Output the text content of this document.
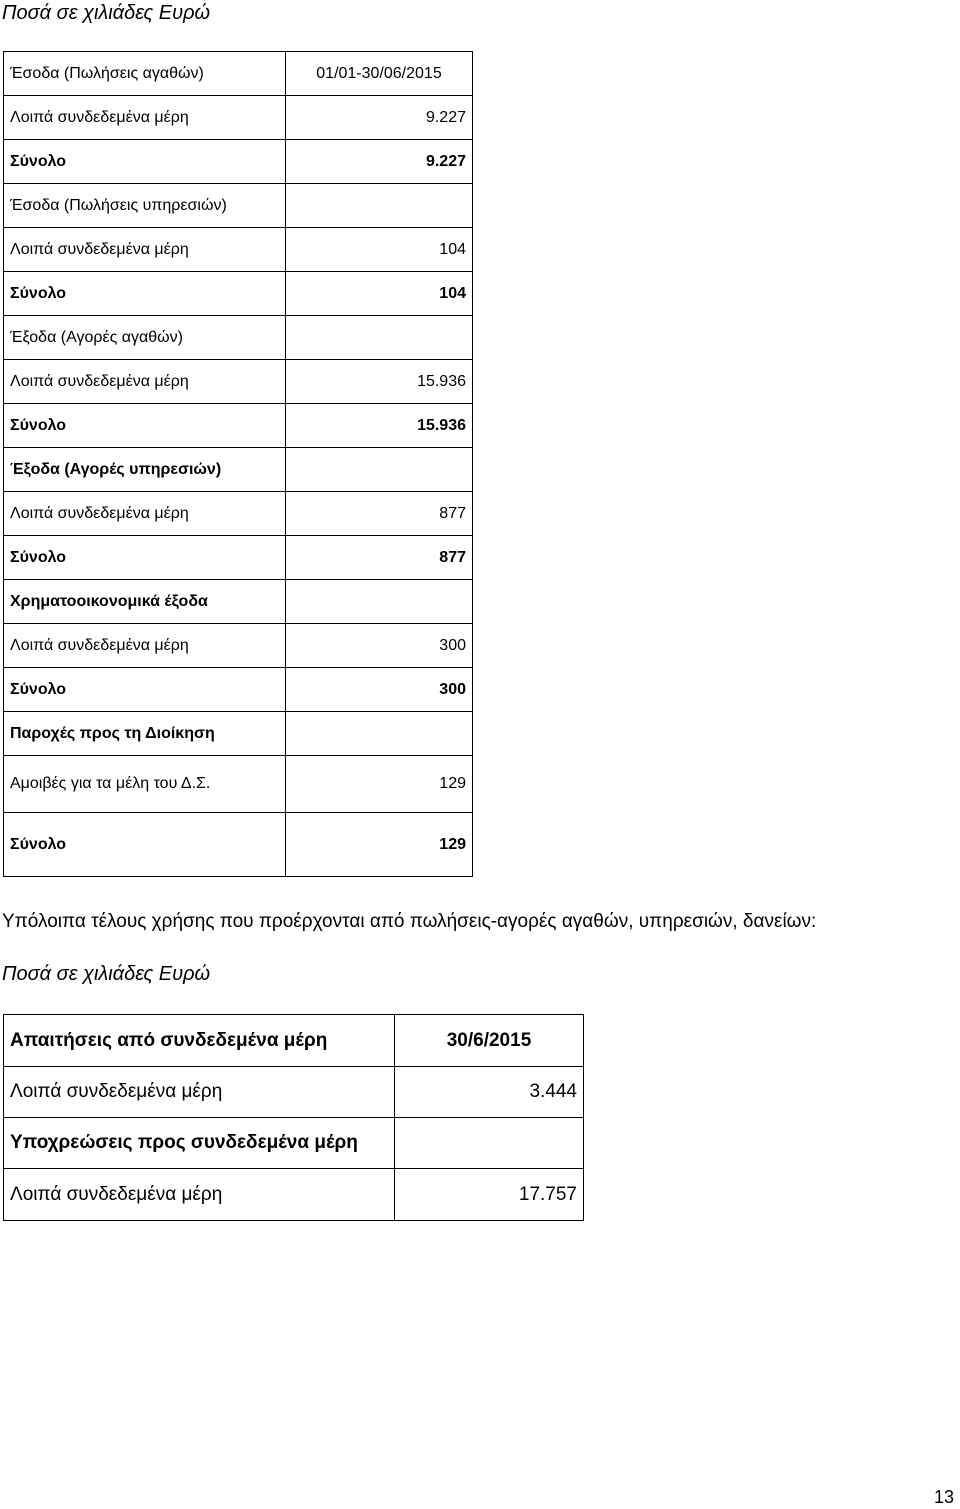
Ποσά σε χιλιάδες Ευρώ
Έσοδα (Πωλήσεις αγαθών)	01/01-30/06/2015
Λοιπά συνδεδεμένα μέρη	9.227
Σύνολο	9.227
Έσοδα (Πωλήσεις υπηρεσιών)	
Λοιπά συνδεδεμένα μέρη	104
Σύνολο	104
Έξοδα (Αγορές αγαθών)	
Λοιπά συνδεδεμένα μέρη	15.936
Σύνολο	15.936
Έξοδα (Αγορές υπηρεσιών)	
Λοιπά συνδεδεμένα μέρη	877
Σύνολο	877
Χρηματοοικονομικά έξοδα	
Λοιπά συνδεδεμένα μέρη	300
Σύνολο	300
Παροχές προς τη Διοίκηση	
Αμοιβές για τα μέλη του Δ.Σ.	129
Σύνολο	129
Υπόλοιπα τέλους χρήσης που προέρχονται από πωλήσεις-αγορές αγαθών, υπηρεσιών, δανείων:
Ποσά σε χιλιάδες Ευρώ
Απαιτήσεις από συνδεδεμένα μέρη	30/6/2015
Λοιπά συνδεδεμένα μέρη	3.444
Υποχρεώσεις προς συνδεδεμένα μέρη	
Λοιπά συνδεδεμένα μέρη	17.757
13
